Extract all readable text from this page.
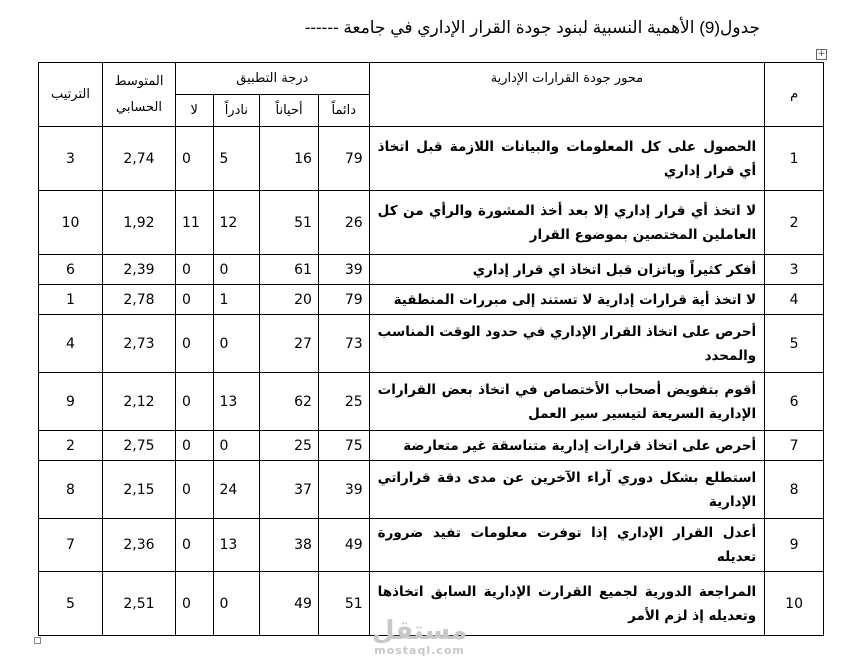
جدول(9) الأهمية النسبية لبنود جودة القرار الإداري في جامعة ------
+
م	محور جودة القرارات الإدارية	درجة التطبيق				المتوسط الحسابي	الترتيب
		دائماً	أحياناً	نادراً	لا		
1	الحصول على كل المعلومات والبيانات اللازمة قبل اتخاذ أي قرار إداري	79	16	5	0	2,74	3
2	لا اتخذ أي قرار إداري إلا بعد أخذ المشورة والرأي من كل العاملين المختصين بموضوع القرار	26	51	12	11	1,92	10
3	أفكر كثيراً وباتزان قبل اتخاذ اي قرار إداري	39	61	0	0	2,39	6
4	لا اتخذ أية قرارات إدارية لا تستند إلى مبررات المنطقية	79	20	1	0	2,78	1
5	أحرص على اتخاذ القرار الإداري في حدود الوقت المناسب والمحدد	73	27	0	0	2,73	4
6	أقوم بتفويض أصحاب الأختصاص في اتخاذ بعض القرارات الإدارية السريعة لتيسير سير العمل	25	62	13	0	2,12	9
7	أحرص على اتخاذ قرارات إدارية متناسقة غير متعارضة	75	25	0	0	2,75	2
8	استطلع بشكل دوري آراء الآخرين عن مدى دقة قراراتي الإدارية	39	37	24	0	2,15	8
9	أعدل القرار الإداري إذا توفرت معلومات تفيد ضرورة تعديله	49	38	13	0	2,36	7
10	المراجعة الدورية لجميع القرارت الإدارية السابق اتخاذها وتعديله إذ لزم الأمر	51	49	0	0	2,51	5
مستقل
mostaql.com
